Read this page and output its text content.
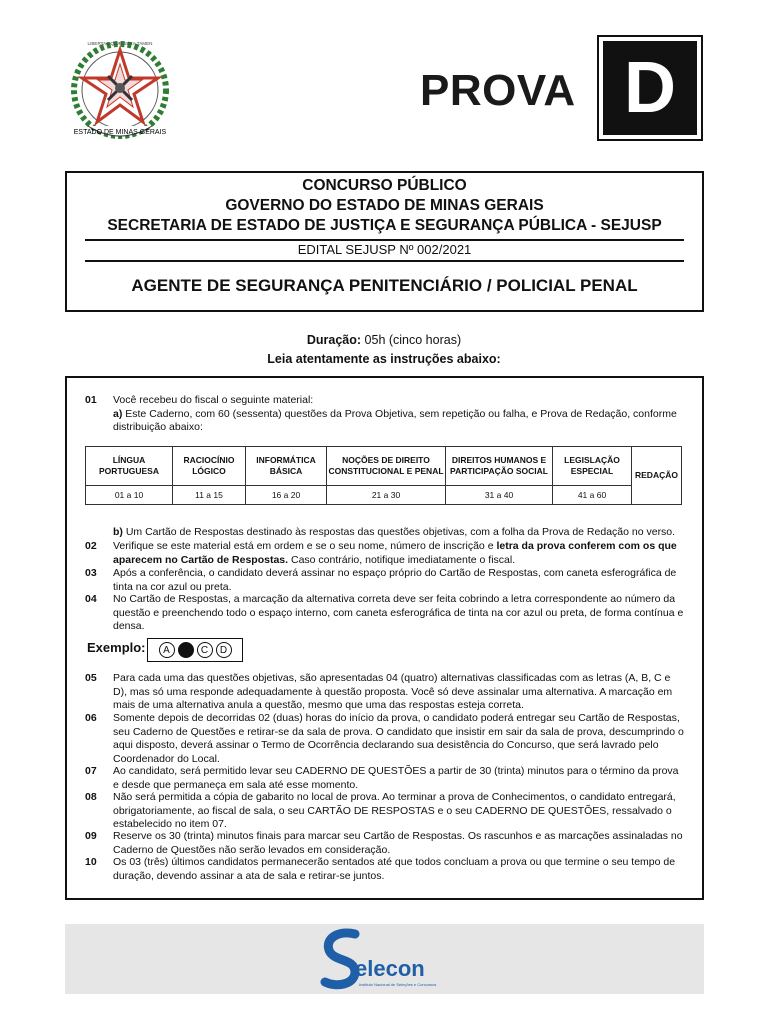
ESTADO DE MINAS GERAIS
LIBERTAS QUÆ SERA TAMEN
PROVA D
CONCURSO PÚBLICO
GOVERNO DO ESTADO DE MINAS GERAIS
SECRETARIA DE ESTADO DE JUSTIÇA E SEGURANÇA PÚBLICA - SEJUSP
EDITAL SEJUSP Nº 002/2021
AGENTE DE SEGURANÇA PENITENCIÁRIO / POLICIAL PENAL
Duração: 05h (cinco horas)
Leia atentamente as instruções abaixo:
01 Você recebeu do fiscal o seguinte material:
a) Este Caderno, com 60 (sessenta) questões da Prova Objetiva, sem repetição ou falha, e Prova de Redação, conforme distribuição abaixo:
LÍNGUA PORTUGUESA	RACIOCÍNIO LÓGICO	INFORMÁTICA BÁSICA	NOÇÕES DE DIREITO CONSTITUCIONAL E PENAL	DIREITOS HUMANOS E PARTICIPAÇÃO SOCIAL	LEGISLAÇÃO ESPECIAL	REDAÇÃO
01 a 10	11 a 15	16 a 20	21 a 30	31 a 40	41 a 60	
b) Um Cartão de Respostas destinado às respostas das questões objetivas, com a folha da Prova de Redação no verso.
02 Verifique se este material está em ordem e se o seu nome, número de inscrição e letra da prova conferem com os que aparecem no Cartão de Respostas. Caso contrário, notifique imediatamente o fiscal.
03 Após a conferência, o candidato deverá assinar no espaço próprio do Cartão de Respostas, com caneta esferográfica de tinta na cor azul ou preta.
04 No Cartão de Respostas, a marcação da alternativa correta deve ser feita cobrindo a letra correspondente ao número da questão e preenchendo todo o espaço interno, com caneta esferográfica de tinta na cor azul ou preta, de forma contínua e densa.
Exemplo:	A	B	C	D
05 Para cada uma das questões objetivas, são apresentadas 04 (quatro) alternativas classificadas com as letras (A, B, C e D), mas só uma responde adequadamente à questão proposta. Você só deve assinalar uma alternativa. A marcação em mais de uma alternativa anula a questão, mesmo que uma das respostas esteja correta.
06 Somente depois de decorridas 02 (duas) horas do início da prova, o candidato poderá entregar seu Cartão de Respostas, seu Caderno de Questões e retirar-se da sala de prova. O candidato que insistir em sair da sala de prova, descumprindo o aqui disposto, deverá assinar o Termo de Ocorrência declarando sua desistência do Concurso, que será lavrado pelo Coordenador do Local.
07 Ao candidato, será permitido levar seu CADERNO DE QUESTÕES a partir de 30 (trinta) minutos para o término da prova e desde que permaneça em sala até esse momento.
08 Não será permitida a cópia de gabarito no local de prova. Ao terminar a prova de Conhecimentos, o candidato entregará, obrigatoriamente, ao fiscal de sala, o seu CARTÃO DE RESPOSTAS e o seu CADERNO DE QUESTÕES, ressalvado o estabelecido no item 07.
09 Reserve os 30 (trinta) minutos finais para marcar seu Cartão de Respostas. Os rascunhos e as marcações assinaladas no Caderno de Questões não serão levados em consideração.
10 Os 03 (três) últimos candidatos permanecerão sentados até que todos concluam a prova ou que termine o seu tempo de duração, devendo assinar a ata de sala e retirar-se juntos.
elecon
Instituto Nacional de Seleções e Concursos
